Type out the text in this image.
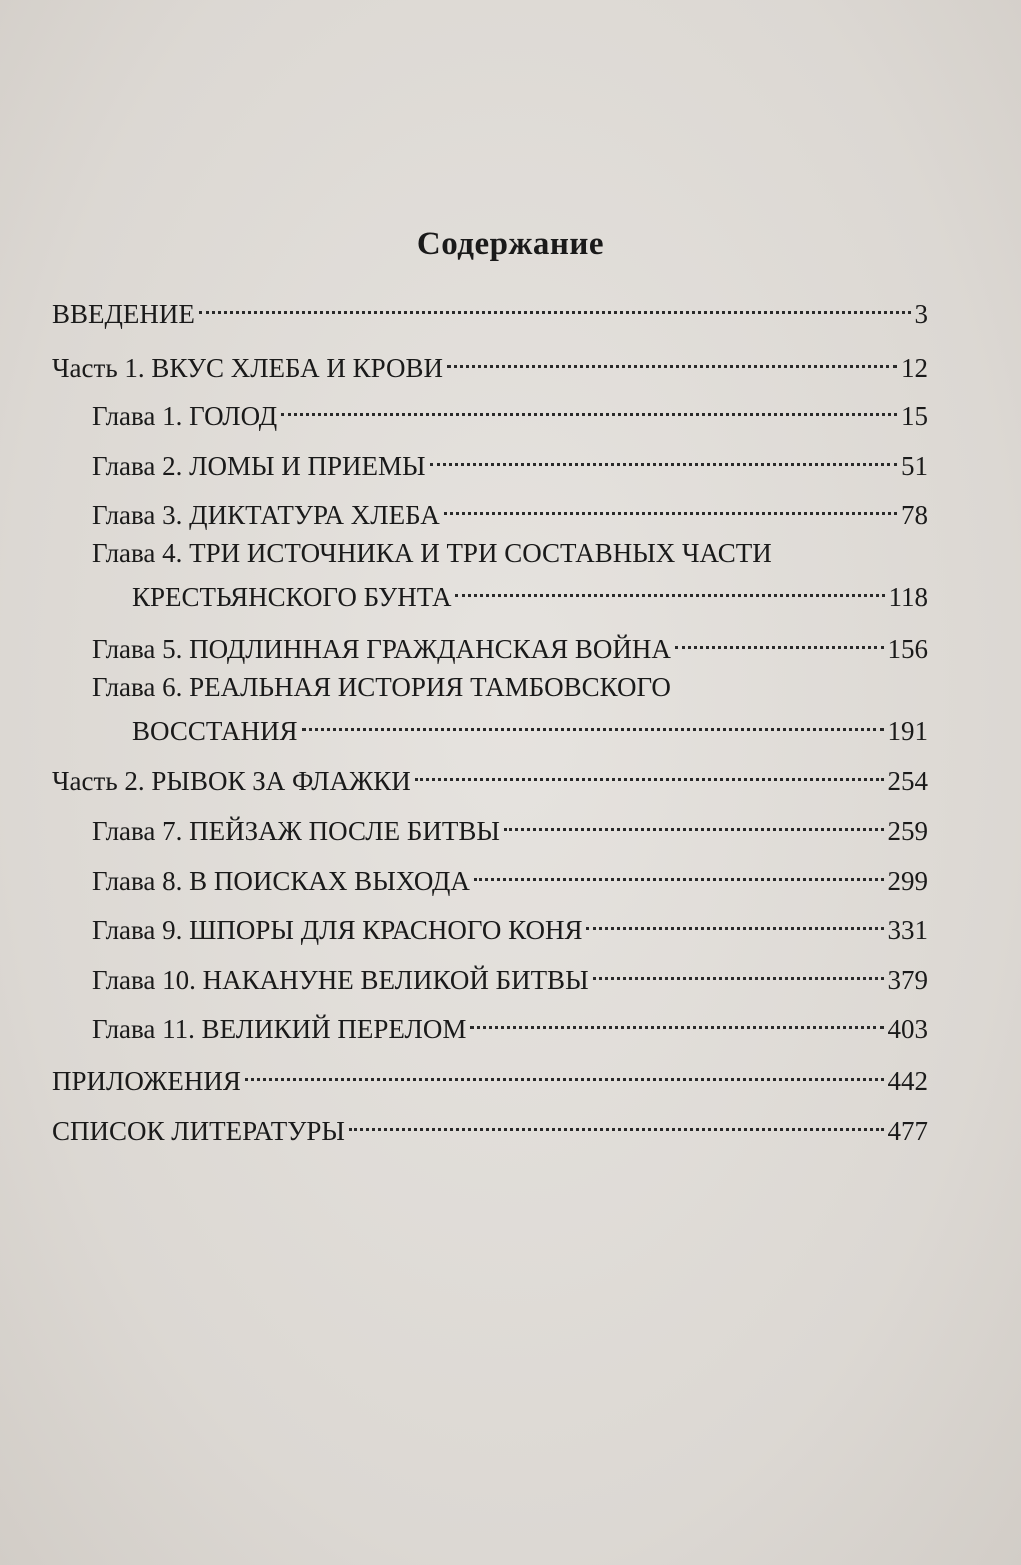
Содержание
ВВЕДЕНИЕ	3
Часть 1. ВКУС ХЛЕБА И КРОВИ	12
Глава 1. ГОЛОД	15
Глава 2. ЛОМЫ И ПРИЕМЫ	51
Глава 3. ДИКТАТУРА ХЛЕБА	78
Глава 4. ТРИ ИСТОЧНИКА И ТРИ СОСТАВНЫХ ЧАСТИ
КРЕСТЬЯНСКОГО БУНТА	118
Глава 5. ПОДЛИННАЯ ГРАЖДАНСКАЯ ВОЙНА	156
Глава 6. РЕАЛЬНАЯ ИСТОРИЯ ТАМБОВСКОГО
ВОССТАНИЯ	191
Часть 2. РЫВОК ЗА ФЛАЖКИ	254
Глава 7. ПЕЙЗАЖ ПОСЛЕ БИТВЫ	259
Глава 8. В ПОИСКАХ ВЫХОДА	299
Глава 9. ШПОРЫ ДЛЯ КРАСНОГО КОНЯ	331
Глава 10. НАКАНУНЕ ВЕЛИКОЙ БИТВЫ	379
Глава 11. ВЕЛИКИЙ ПЕРЕЛОМ	403
ПРИЛОЖЕНИЯ	442
СПИСОК ЛИТЕРАТУРЫ	477
